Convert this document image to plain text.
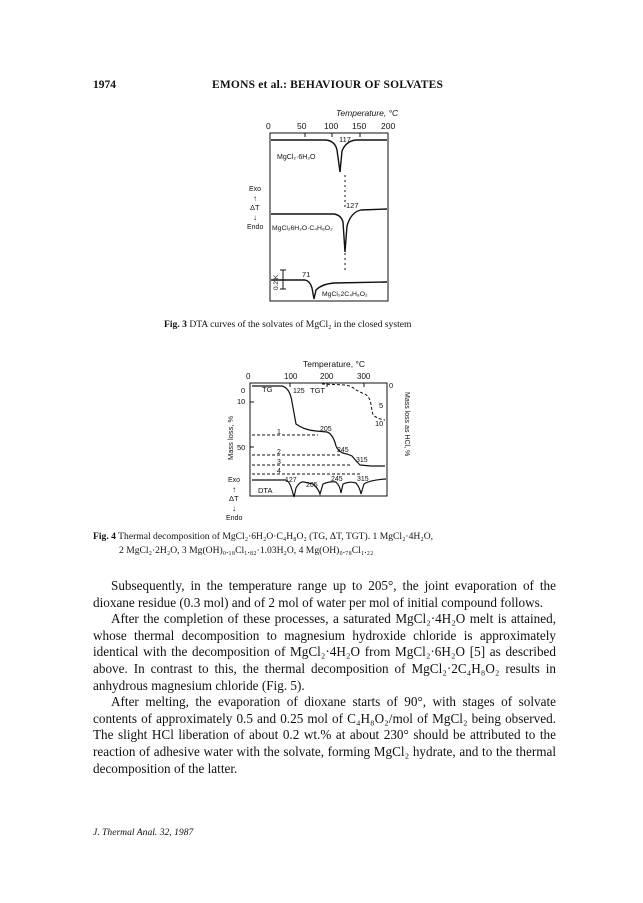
1974	EMONS et al.: BEHAVIOUR OF SOLVATES
Temperature, °C
0	50 100 150 200
MgCl₂·6H₂O
117
MgCl₂6H₂O·C₄H₈O₂
127
MgCl₂2C₄H₈O₂
71
0.2 K
Exo
↑
ΔT
↓
Endo
Fig. 3 DTA curves of the solvates of MgCl₂ in the closed system
Temperature, °C
0	100	200	300
0
10
50
Mass loss, %
0
5
10	Mass loss as HCl, %
TG	125
205
245
315
TGT
1
2
3
4
DTA
127
205
245 315
Exo
↑
ΔT
↓
Endo
Fig. 4 Thermal decomposition of MgCl₂·6H₂O·C₄H₈O₂ (TG, ΔT, TGT). 1 MgCl₂·4H₂O,
2 MgCl₂·2H₂O, 3 Mg(OH)₀.₁₈Cl₁.₈₂·1.03H₂O, 4 Mg(OH)₀.₇₈Cl₁.₂₂

Subsequently, in the temperature range up to 205°, the joint evaporation of the dioxane residue (0.3 mol) and of 2 mol of water per mol of initial compound follows.

After the completion of these processes, a saturated MgCl₂·4H₂O melt is attained, whose thermal decomposition to magnesium hydroxide chloride is approximately identical with the decomposition of MgCl₂·4H₂O from MgCl₂·6H₂O [5] as described above. In contrast to this, the thermal decomposition of MgCl₂·2C₄H₈O₂ results in anhydrous magnesium chloride (Fig. 5).

After melting, the evaporation of dioxane starts of 90°, with stages of solvate contents of approximately 0.5 and 0.25 mol of C₄H₈O₂/mol of MgCl₂ being observed. The slight HCl liberation of about 0.2 wt.% at about 230° should be attributed to the reaction of adhesive water with the solvate, forming MgCl₂ hydrate, and to the thermal decomposition of the latter.

J. Thermal Anal. 32, 1987
